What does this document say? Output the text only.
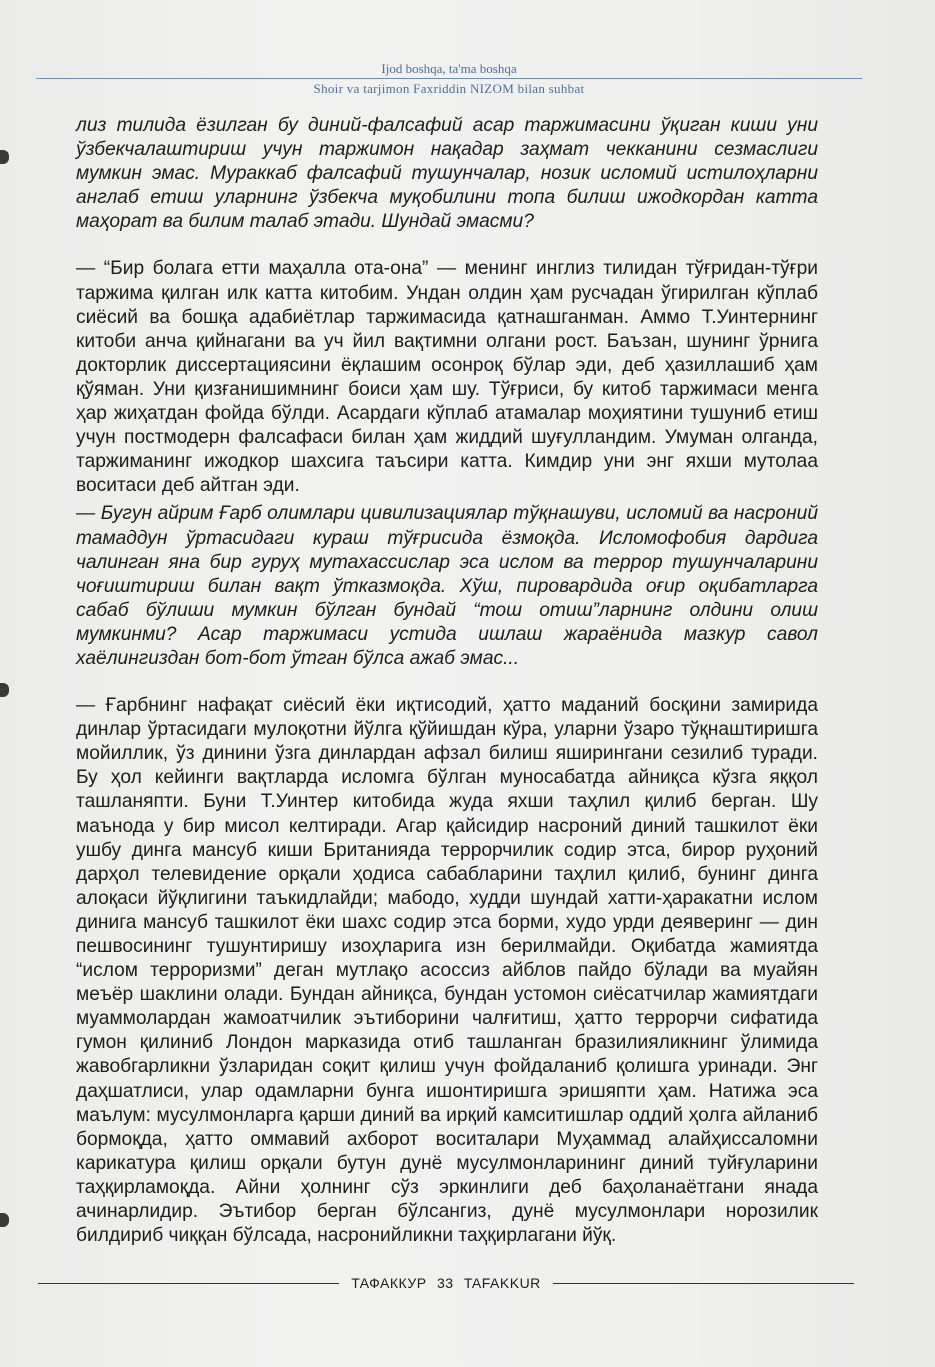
Ijod boshqa, ta'ma boshqa
Shoir va tarjimon Faxriddin NIZOM bilan suhbat

лиз тилида ёзилган бу диний-фалсафий асар таржимасини ўқиган киши уни ўзбекчалаштириш учун таржимон нақадар заҳмат чекканини сезмаслиги мумкин эмас. Мураккаб фалсафий тушунчалар, нозик исломий истилоҳларни англаб етиш уларнинг ўзбекча муқобилини топа билиш ижодкордан катта маҳорат ва билим талаб этади. Шундай эмасми?

— “Бир болага етти маҳалла ота-она” — менинг инглиз тилидан тўғридан-тўғри таржима қилган илк катта китобим. Ундан олдин ҳам русчадан ўгирилган кўплаб сиёсий ва бошқа адабиётлар таржимасида қатнашганман. Аммо Т.Уинтернинг китоби анча қийнагани ва уч йил вақтимни олгани рост. Баъзан, шунинг ўрнига докторлик диссертациясини ёқлашим осонроқ бўлар эди, деб ҳазиллашиб ҳам қўяман. Уни қизғанишимнинг боиси ҳам шу. Тўғриси, бу китоб таржимаси менга ҳар жиҳатдан фойда бўлди. Асардаги кўплаб атамалар моҳиятини тушуниб етиш учун постмодерн фалсафаси билан ҳам жиддий шуғулландим. Умуман олганда, таржиманинг ижодкор шахсига таъсири катта. Кимдир уни энг яхши мутолаа воситаси деб айтган эди.

— Бугун айрим Ғарб олимлари цивилизациялар тўқнашуви, исломий ва насроний тамаддун ўртасидаги кураш тўғрисида ёзмоқда. Исломофобия дардига чалинган яна бир гуруҳ мутахассислар эса ислом ва террор тушунчаларини чоғиштириш билан вақт ўтказмоқда. Хўш, пировардида оғир оқибатларга сабаб бўлиши мумкин бўлган бундай “тош отиш”ларнинг олдини олиш мумкинми? Асар таржимаси устида ишлаш жараёнида мазкур савол хаёлингиздан бот-бот ўтган бўлса ажаб эмас...

— Ғарбнинг нафақат сиёсий ёки иқтисодий, ҳатто маданий босқини замирида динлар ўртасидаги мулоқотни йўлга қўйишдан кўра, уларни ўзаро тўқнаштиришга мойиллик, ўз динини ўзга динлардан афзал билиш яширингани сезилиб туради. Бу ҳол кейинги вақтларда исломга бўлган муносабатда айниқса кўзга яққол ташланяпти. Буни Т.Уинтер китобида жуда яхши таҳлил қилиб берган. Шу маънода у бир мисол келтиради. Агар қайсидир насроний диний ташкилот ёки ушбу динга мансуб киши Британияда террорчилик содир этса, бирор руҳоний дарҳол телевидение орқали ҳодиса сабабларини таҳлил қилиб, бунинг динга алоқаси йўқлигини таъкидлайди; мабодо, худди шундай хатти-ҳаракатни ислом динига мансуб ташкилот ёки шахс содир этса борми, худо урди деяверинг — дин пешвосининг тушунтиришу изоҳларига изн берилмайди. Оқибатда жамиятда “ислом терроризми” деган мутлақо асоссиз айблов пайдо бўлади ва муайян меъёр шаклини олади. Бундан айниқса, бундан устомон сиёсатчилар жамиятдаги муаммолардан жамоатчилик эътиборини чалғитиш, ҳатто террорчи сифатида гумон қилиниб Лондон марказида отиб ташланган бразилияликнинг ўлимида жавобгарликни ўзларидан соқит қилиш учун фойдаланиб қолишга уринади. Энг даҳшатлиси, улар одамларни бунга ишонтиришга эришяпти ҳам. Натижа эса маълум: мусулмонларга қарши диний ва ирқий камситишлар оддий ҳолга айланиб бормоқда, ҳатто оммавий ахборот воситалари Муҳаммад алайҳиссаломни карикатура қилиш орқали бутун дунё мусулмонларининг диний туйғуларини таҳқирламоқда. Айни ҳолнинг сўз эркинлиги деб баҳоланаётгани янада ачинарлидир. Эътибор берган бўлсангиз, дунё мусулмонлари норозилик билдириб чиққан бўлсада, насронийликни таҳқирлагани йўқ.

ТАФАККУР 33 TAFAKKUR
